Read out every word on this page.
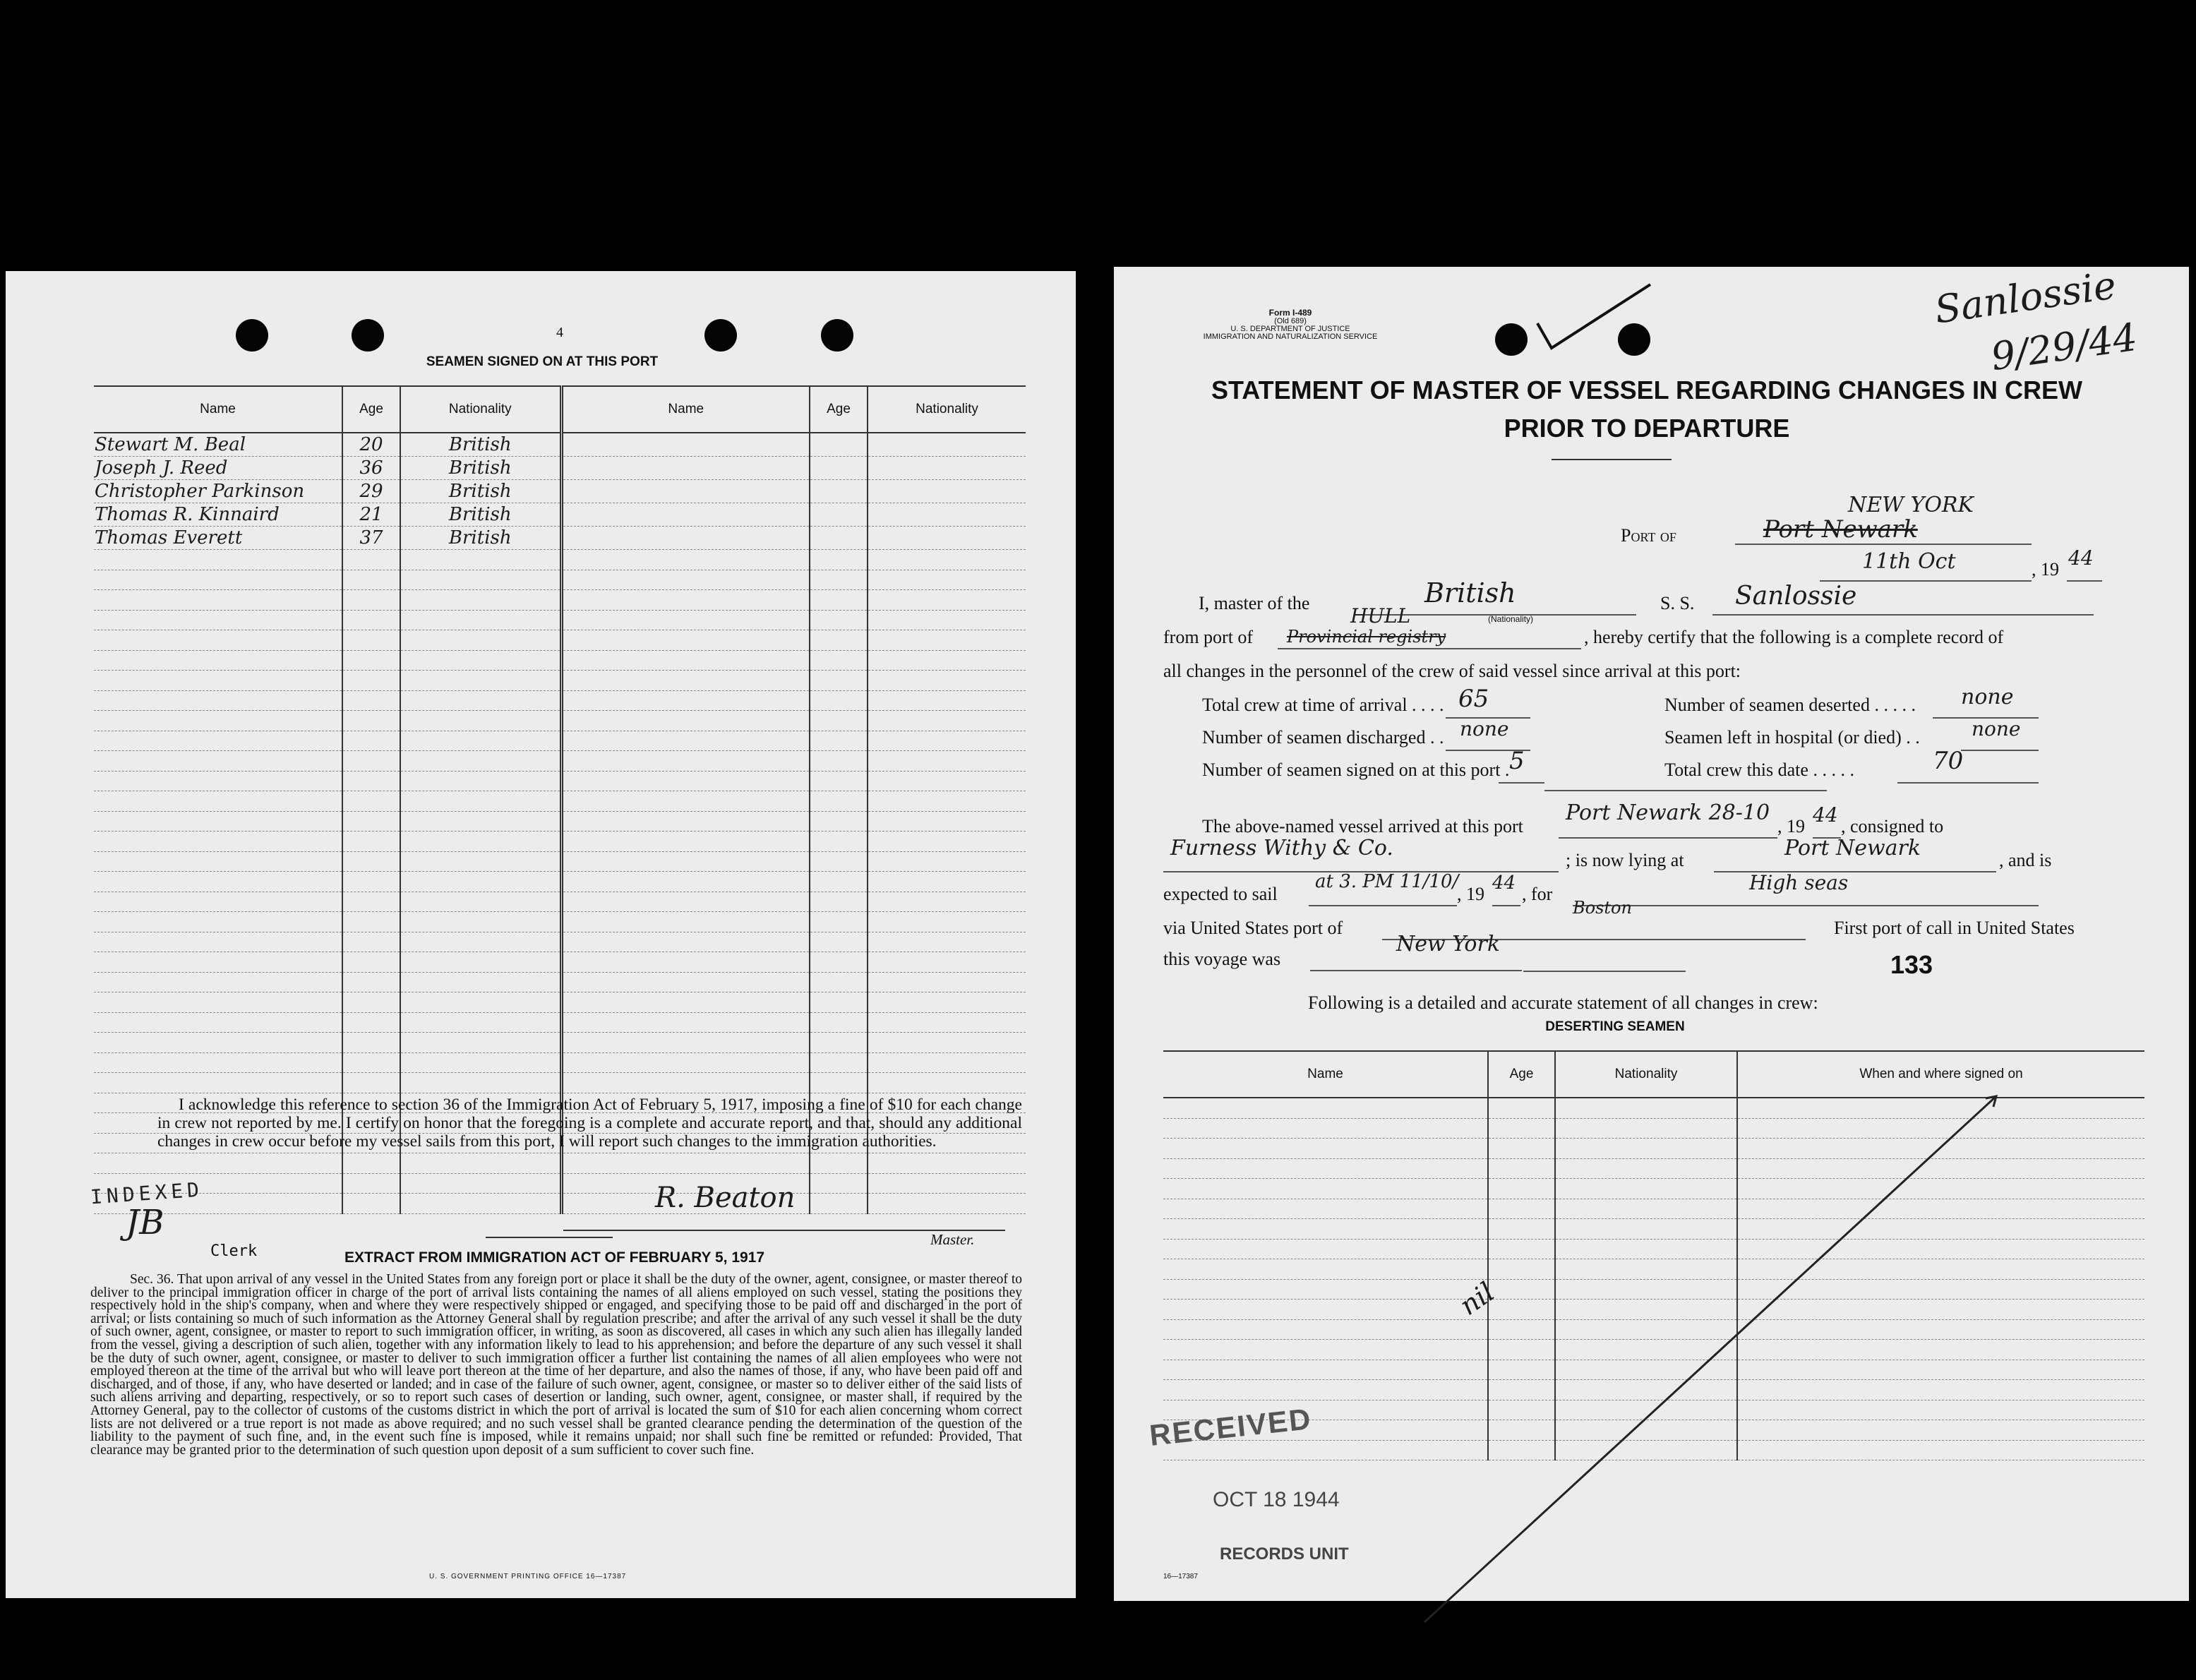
4
SEAMEN SIGNED ON AT THIS PORT
Name	Age	Nationality	Name	Age	Nationality
Stewart M. Beal	20	British			
Joseph J. Reed	36	British			
Christopher Parkinson	29	British			
Thomas R. Kinnaird	21	British			
Thomas Everett	37	British			

I acknowledge this reference to section 36 of the Immigration Act of February 5, 1917, imposing a fine of $10 for each change in crew not reported by me. I certify on honor that the foregoing is a complete and accurate report, and that, should any additional changes in crew occur before my vessel sails from this port, I will report such changes to the immigration authorities.
INDEXED
JB
Clerk
R. Beaton
Master.
EXTRACT FROM IMMIGRATION ACT OF FEBRUARY 5, 1917
Sec. 36. That upon arrival of any vessel in the United States from any foreign port or place it shall be the duty of the owner, agent, consignee, or master thereof to deliver to the principal immigration officer in charge of the port of arrival lists containing the names of all aliens employed on such vessel, stating the positions they respectively hold in the ship's company, when and where they were respectively shipped or engaged, and specifying those to be paid off and discharged in the port of arrival; or lists containing so much of such information as the Attorney General shall by regulation prescribe; and after the arrival of any such vessel it shall be the duty of such owner, agent, consignee, or master to report to such immigration officer, in writing, as soon as discovered, all cases in which any such alien has illegally landed from the vessel, giving a description of such alien, together with any information likely to lead to his apprehension; and before the departure of any such vessel it shall be the duty of such owner, agent, consignee, or master to deliver to such immigration officer a further list containing the names of all alien employees who were not employed thereon at the time of the arrival but who will leave port thereon at the time of her departure, and also the names of those, if any, who have been paid off and discharged, and of those, if any, who have deserted or landed; and in case of the failure of such owner, agent, consignee, or master so to deliver either of the said lists of such aliens arriving and departing, respectively, or so to report such cases of desertion or landing, such owner, agent, consignee, or master shall, if required by the Attorney General, pay to the collector of customs of the customs district in which the port of arrival is located the sum of $10 for each alien concerning whom correct lists are not delivered or a true report is not made as above required; and no such vessel shall be granted clearance pending the determination of the question of the liability to the payment of such fine, and, in the event such fine is imposed, while it remains unpaid; nor shall such fine be remitted or refunded: Provided, That clearance may be granted prior to the determination of such question upon deposit of a sum sufficient to cover such fine.
U. S. GOVERNMENT PRINTING OFFICE 16—17387
Form I-489
(Old 689)
U. S. DEPARTMENT OF JUSTICE
IMMIGRATION AND NATURALIZATION SERVICE
STATEMENT OF MASTER OF VESSEL REGARDING CHANGES IN CREW
PRIOR TO DEPARTURE
Port of
NEW YORK
Port Newark
11th Oct	, 19 44
I, master of the	British
(Nationality)
S. S. Sanlossie
from port of Provincial registry
HULL
, hereby certify that the following is a complete record of
all changes in the personnel of the crew of said vessel since arrival at this port:
Total crew at time of arrival . . . . 65	Number of seamen deserted . . . . . none
Number of seamen discharged . . none	Seamen left in hospital (or died) . .	none
Number of seamen signed on at this port . 5	Total crew this date . . . . .	70
The above-named vessel arrived at this port
Port Newark 28-10
, 19 44 , consigned to
Furness Withy & Co.	; is now lying at	Port Newark	, and is
expected to sail
at 3. PM 11/10/
, 19
44
, for	High seas
via United States port of
Boston
First port of call in United States
this voyage was
New York
133
Following is a detailed and accurate statement of all changes in crew:
DESERTING SEAMEN
Name	Age	Nationality	When and where signed on

nil
RECEIVED
OCT 18 1944
RECORDS UNIT
16—17387
Sanlossie
9/29/44
